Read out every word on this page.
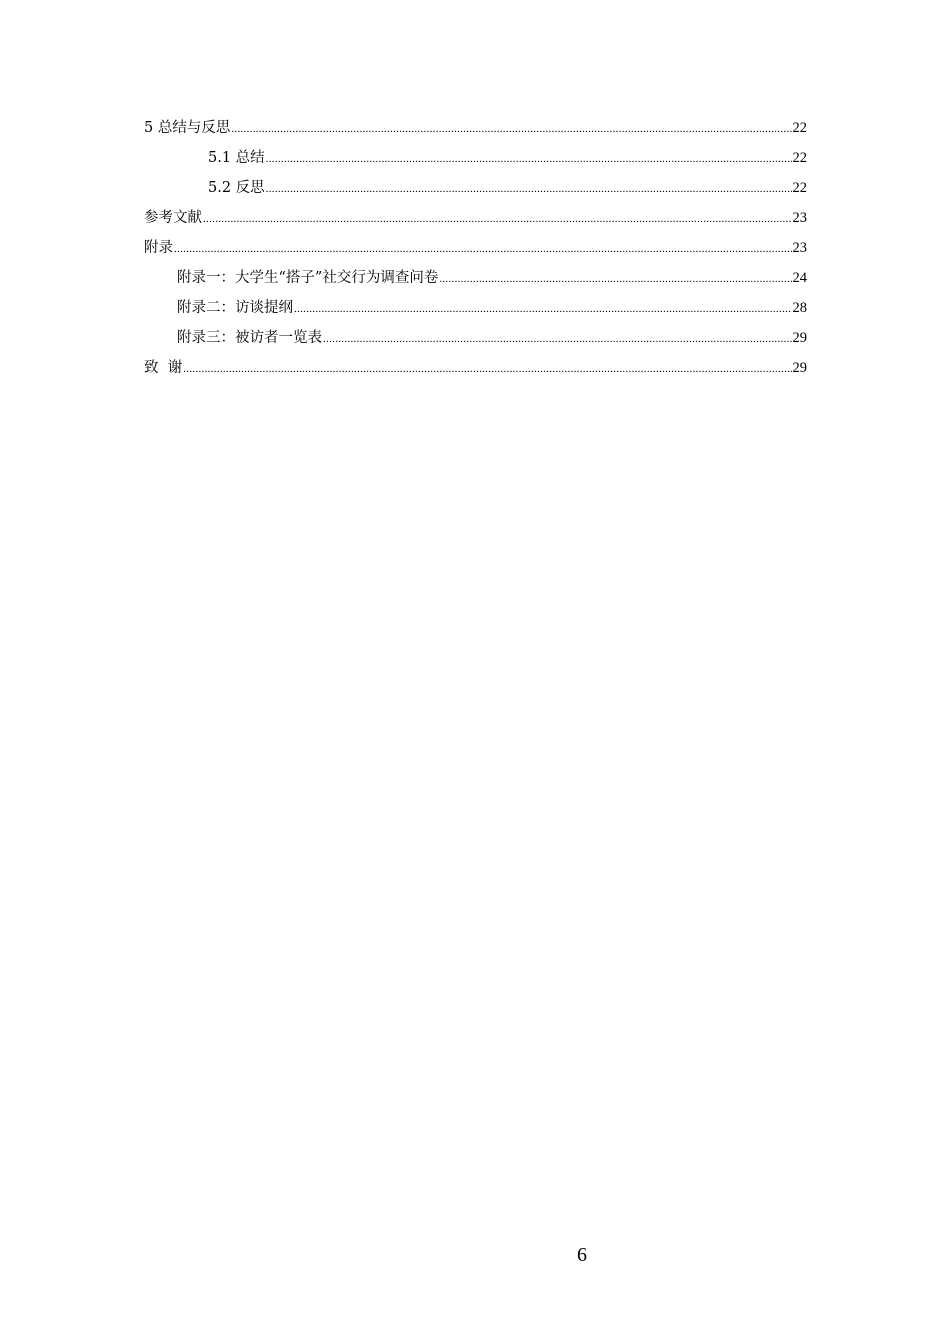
5 总结与反思 .....	22
5.1 总结 .....	22
5.2 反思 .....	22
参考文献 .....	23
附录 .....	23
附录一：大学生“搭子”社交行为调查问卷 .....	24
附录二：访谈提纲 .....	28
附录三：被访者一览表 .....	29
致  谢 .....	29
6
